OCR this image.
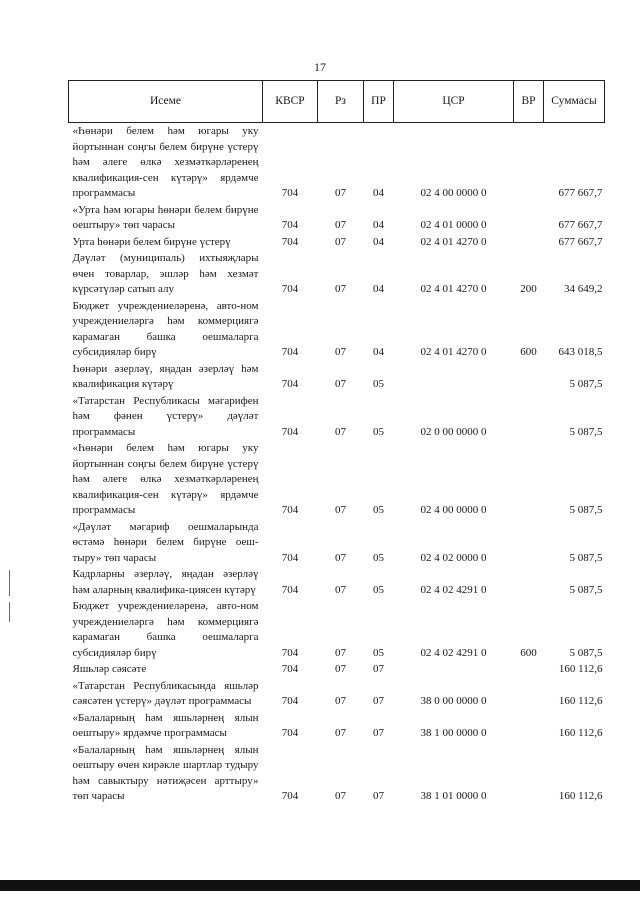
17
Исеме	КВСР	Рз	ПР	ЦСР	ВР	Суммасы
«Һөнәри белем һәм югары уку йортыннан соңгы белем бирүне үстерү һәм әлеге өлкә хезмәткәрләренең квалификация-сен күтәрү» ярдәмче программасы	704	07	04	02 4 00 0000 0		677 667,7
«Урта һәм югары һөнәри белем бирүне оештыру» төп чарасы	704	07	04	02 4 01 0000 0		677 667,7
Урта һөнәри белем бирүне үстерү	704	07	04	02 4 01 4270 0		677 667,7
Дәүләт (муниципаль) ихтыяҗлары өчен товарлар, эшләр һәм хезмәт күрсәтүләр сатып алу	704	07	04	02 4 01 4270 0	200	34 649,2
Бюджет учреждениеләренә, авто-ном учреждениеләргә һәм коммерциягә карамаган башка оешмаларга субсидияләр бирү	704	07	04	02 4 01 4270 0	600	643 018,5
Һөнәри әзерләү, яңадан әзерләү һәм квалификация күтәрү	704	07	05			5 087,5
«Татарстан Республикасы мәгарифен һәм фәнен үстерү» дәүләт программасы	704	07	05	02 0 00 0000 0		5 087,5
«Һөнәри белем һәм югары уку йортыннан соңгы белем бирүне үстерү һәм әлеге өлкә хезмәткәрләренең квалификация-сен күтәрү» ярдәмче программасы	704	07	05	02 4 00 0000 0		5 087,5
«Дәүләт мәгариф оешмаларында өстәмә һөнәри белем бирүне оеш-тыру» төп чарасы	704	07	05	02 4 02 0000 0		5 087,5
Кадрларны әзерләү, яңадан әзерләү һәм аларның квалифика-циясен күтәрү	704	07	05	02 4 02 4291 0		5 087,5
Бюджет учреждениеләренә, авто-ном учреждениеләргә һәм коммерциягә карамаган башка оешмаларга субсидияләр бирү	704	07	05	02 4 02 4291 0	600	5 087,5
Яшьләр сәясәте	704	07	07			160 112,6
«Татарстан Республикасында яшьләр сәясәтен үстерү» дәүләт программасы	704	07	07	38 0 00 0000 0		160 112,6
«Балаларның һәм яшьләрнең ялын оештыру» ярдәмче программасы	704	07	07	38 1 00 0000 0		160 112,6
«Балаларның һәм яшьләрнең ялын оештыру өчен кирәкле шартлар тудыру һәм савыктыру нәтиҗәсен арттыру» төп чарасы	704	07	07	38 1 01 0000 0		160 112,6
